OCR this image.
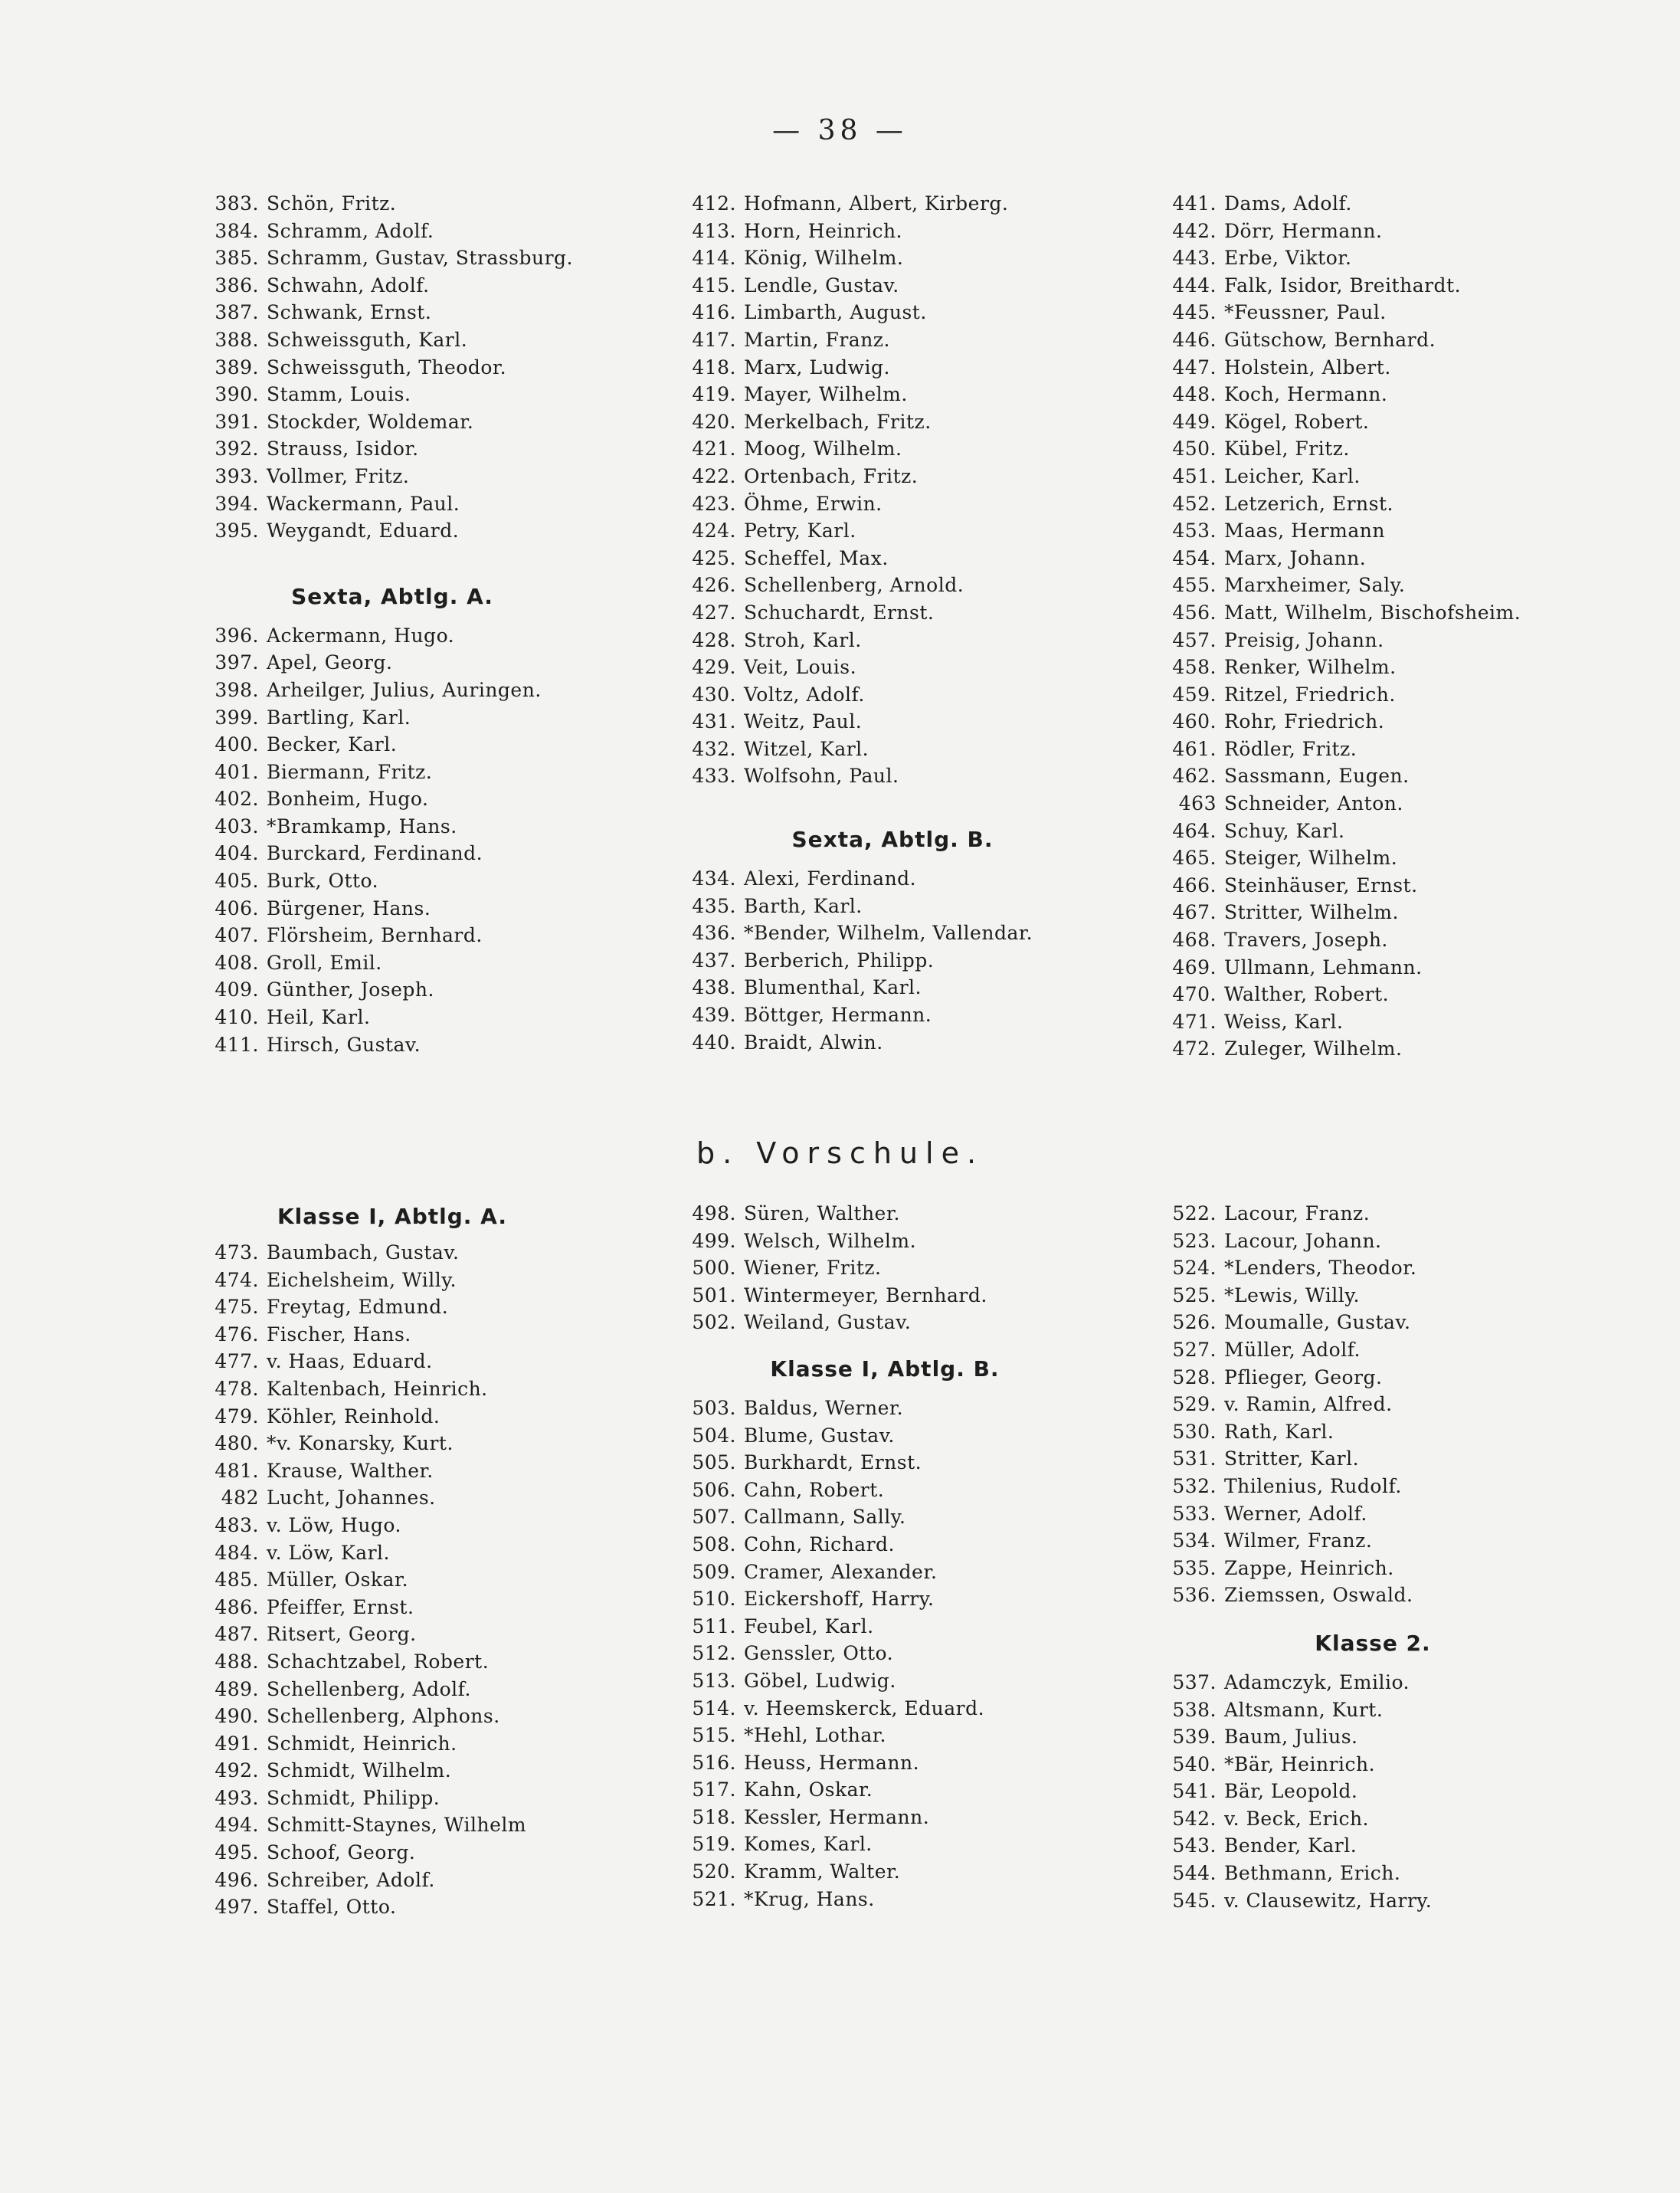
— 38 —
383. Schön, Fritz.
384. Schramm, Adolf.
385. Schramm, Gustav, Strassburg.
386. Schwahn, Adolf.
387. Schwank, Ernst.
388. Schweissguth, Karl.
389. Schweissguth, Theodor.
390. Stamm, Louis.
391. Stockder, Woldemar.
392. Strauss, Isidor.
393. Vollmer, Fritz.
394. Wackermann, Paul.
395. Weygandt, Eduard.
Sexta, Abtlg. A.
396. Ackermann, Hugo.
397. Apel, Georg.
398. Arheilger, Julius, Auringen.
399. Bartling, Karl.
400. Becker, Karl.
401. Biermann, Fritz.
402. Bonheim, Hugo.
403. *Bramkamp, Hans.
404. Burckard, Ferdinand.
405. Burk, Otto.
406. Bürgener, Hans.
407. Flörsheim, Bernhard.
408. Groll, Emil.
409. Günther, Joseph.
410. Heil, Karl.
411. Hirsch, Gustav.
412. Hofmann, Albert, Kirberg.
413. Horn, Heinrich.
414. König, Wilhelm.
415. Lendle, Gustav.
416. Limbarth, August.
417. Martin, Franz.
418. Marx, Ludwig.
419. Mayer, Wilhelm.
420. Merkelbach, Fritz.
421. Moog, Wilhelm.
422. Ortenbach, Fritz.
423. Öhme, Erwin.
424. Petry, Karl.
425. Scheffel, Max.
426. Schellenberg, Arnold.
427. Schuchardt, Ernst.
428. Stroh, Karl.
429. Veit, Louis.
430. Voltz, Adolf.
431. Weitz, Paul.
432. Witzel, Karl.
433. Wolfsohn, Paul.
Sexta, Abtlg. B.
434. Alexi, Ferdinand.
435. Barth, Karl.
436. *Bender, Wilhelm, Vallendar.
437. Berberich, Philipp.
438. Blumenthal, Karl.
439. Böttger, Hermann.
440. Braidt, Alwin.
441. Dams, Adolf.
442. Dörr, Hermann.
443. Erbe, Viktor.
444. Falk, Isidor, Breithardt.
445. *Feussner, Paul.
446. Gütschow, Bernhard.
447. Holstein, Albert.
448. Koch, Hermann.
449. Kögel, Robert.
450. Kübel, Fritz.
451. Leicher, Karl.
452. Letzerich, Ernst.
453. Maas, Hermann
454. Marx, Johann.
455. Marxheimer, Saly.
456. Matt, Wilhelm, Bischofsheim.
457. Preisig, Johann.
458. Renker, Wilhelm.
459. Ritzel, Friedrich.
460. Rohr, Friedrich.
461. Rödler, Fritz.
462. Sassmann, Eugen.
463 Schneider, Anton.
464. Schuy, Karl.
465. Steiger, Wilhelm.
466. Steinhäuser, Ernst.
467. Stritter, Wilhelm.
468. Travers, Joseph.
469. Ullmann, Lehmann.
470. Walther, Robert.
471. Weiss, Karl.
472. Zuleger, Wilhelm.
b. Vorschule.
Klasse I, Abtlg. A.
473. Baumbach, Gustav.
474. Eichelsheim, Willy.
475. Freytag, Edmund.
476. Fischer, Hans.
477. v. Haas, Eduard.
478. Kaltenbach, Heinrich.
479. Köhler, Reinhold.
480. *v. Konarsky, Kurt.
481. Krause, Walther.
482 Lucht, Johannes.
483. v. Löw, Hugo.
484. v. Löw, Karl.
485. Müller, Oskar.
486. Pfeiffer, Ernst.
487. Ritsert, Georg.
488. Schachtzabel, Robert.
489. Schellenberg, Adolf.
490. Schellenberg, Alphons.
491. Schmidt, Heinrich.
492. Schmidt, Wilhelm.
493. Schmidt, Philipp.
494. Schmitt-Staynes, Wilhelm
495. Schoof, Georg.
496. Schreiber, Adolf.
497. Staffel, Otto.
498. Süren, Walther.
499. Welsch, Wilhelm.
500. Wiener, Fritz.
501. Wintermeyer, Bernhard.
502. Weiland, Gustav.
Klasse I, Abtlg. B.
503. Baldus, Werner.
504. Blume, Gustav.
505. Burkhardt, Ernst.
506. Cahn, Robert.
507. Callmann, Sally.
508. Cohn, Richard.
509. Cramer, Alexander.
510. Eickershoff, Harry.
511. Feubel, Karl.
512. Genssler, Otto.
513. Göbel, Ludwig.
514. v. Heemskerck, Eduard.
515. *Hehl, Lothar.
516. Heuss, Hermann.
517. Kahn, Oskar.
518. Kessler, Hermann.
519. Komes, Karl.
520. Kramm, Walter.
521. *Krug, Hans.
522. Lacour, Franz.
523. Lacour, Johann.
524. *Lenders, Theodor.
525. *Lewis, Willy.
526. Moumalle, Gustav.
527. Müller, Adolf.
528. Pflieger, Georg.
529. v. Ramin, Alfred.
530. Rath, Karl.
531. Stritter, Karl.
532. Thilenius, Rudolf.
533. Werner, Adolf.
534. Wilmer, Franz.
535. Zappe, Heinrich.
536. Ziemssen, Oswald.
Klasse 2.
537. Adamczyk, Emilio.
538. Altsmann, Kurt.
539. Baum, Julius.
540. *Bär, Heinrich.
541. Bär, Leopold.
542. v. Beck, Erich.
543. Bender, Karl.
544. Bethmann, Erich.
545. v. Clausewitz, Harry.
